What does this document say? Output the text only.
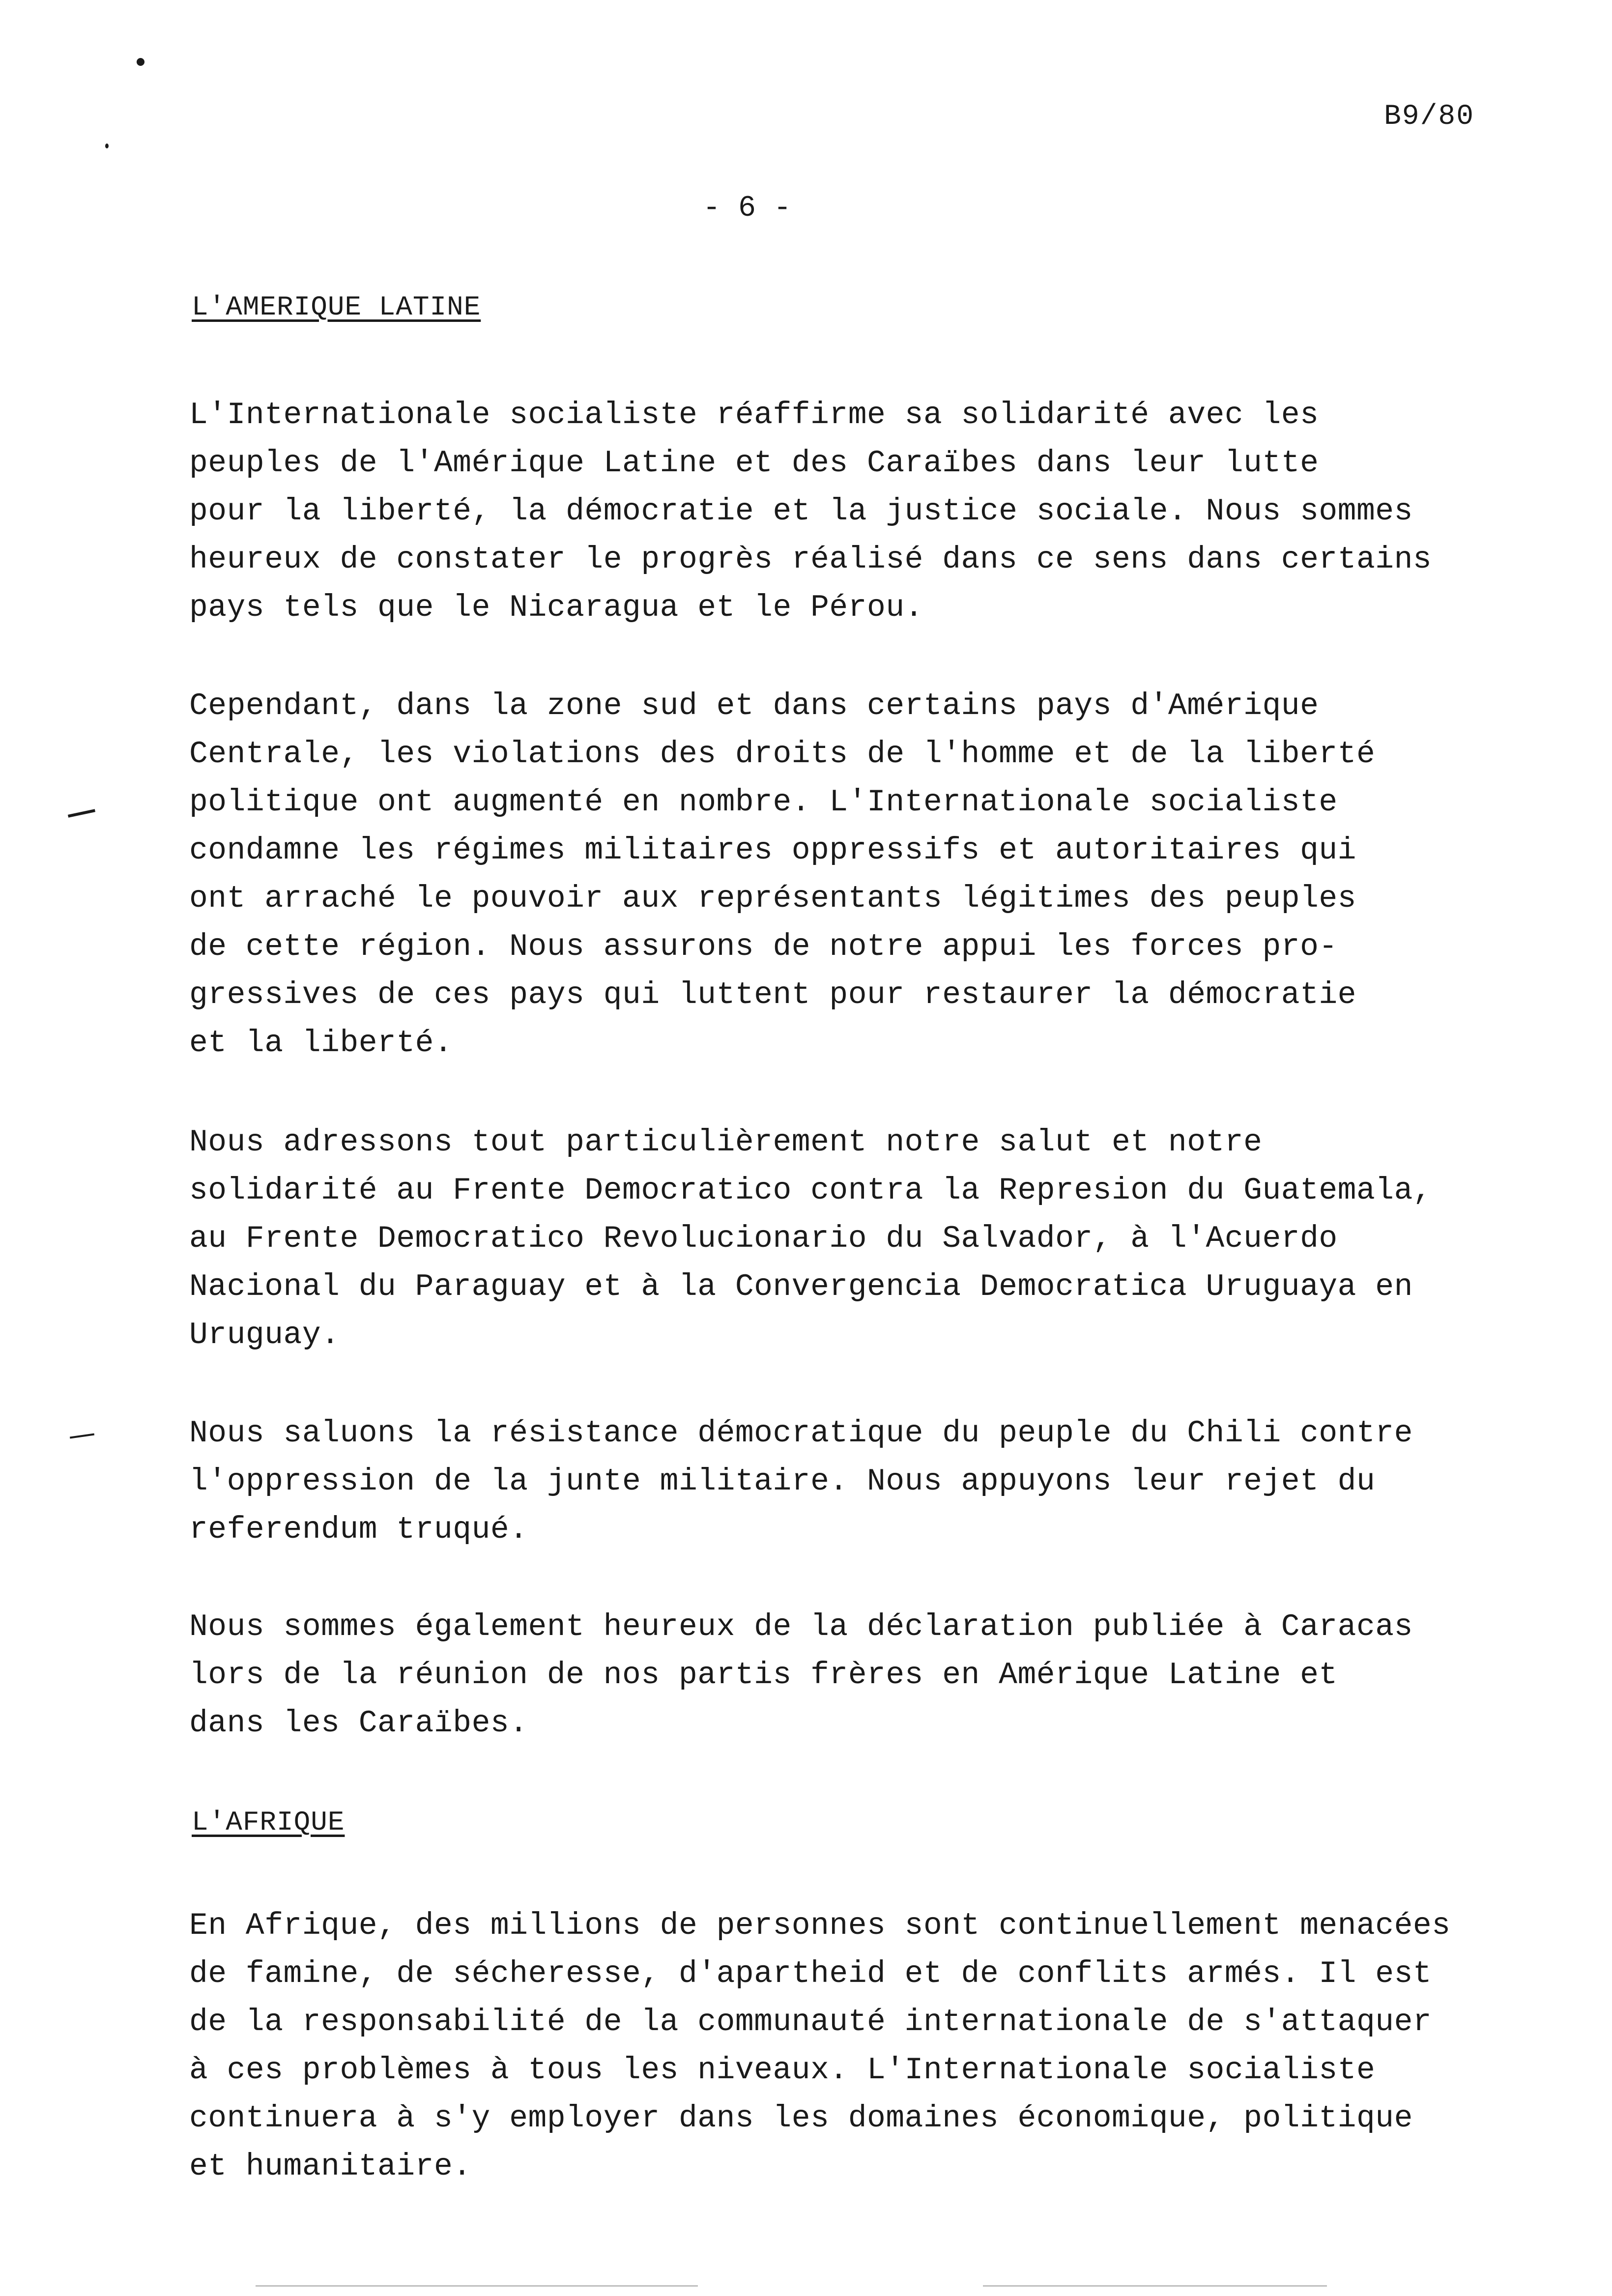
B9/80
- 6 -
L'AMERIQUE LATINE
L'Internationale socialiste réaffirme sa solidarité avec les
peuples de l'Amérique Latine et des Caraïbes dans leur lutte
pour la liberté, la démocratie et la justice sociale. Nous sommes
heureux de constater le progrès réalisé dans ce sens dans certains
pays tels que le Nicaragua et le Pérou.
Cependant, dans la zone sud et dans certains pays d'Amérique
Centrale, les violations des droits de l'homme et de la liberté
politique ont augmenté en nombre. L'Internationale socialiste
condamne les régimes militaires oppressifs et autoritaires qui
ont arraché le pouvoir aux représentants légitimes des peuples
de cette région. Nous assurons de notre appui les forces pro-
gressives de ces pays qui luttent pour restaurer la démocratie
et la liberté.
Nous adressons tout particulièrement notre salut et notre
solidarité au Frente Democratico contra la Represion du Guatemala,
au Frente Democratico Revolucionario du Salvador, à l'Acuerdo
Nacional du Paraguay et à la Convergencia Democratica Uruguaya en
Uruguay.
Nous saluons la résistance démocratique du peuple du Chili contre
l'oppression de la junte militaire. Nous appuyons leur rejet du
referendum truqué.
Nous sommes également heureux de la déclaration publiée à Caracas
lors de la réunion de nos partis frères en Amérique Latine et
dans les Caraïbes.
L'AFRIQUE
En Afrique, des millions de personnes sont continuellement menacées
de famine, de sécheresse, d'apartheid et de conflits armés. Il est
de la responsabilité de la communauté internationale de s'attaquer
à ces problèmes à tous les niveaux. L'Internationale socialiste
continuera à s'y employer dans les domaines économique, politique
et humanitaire.
